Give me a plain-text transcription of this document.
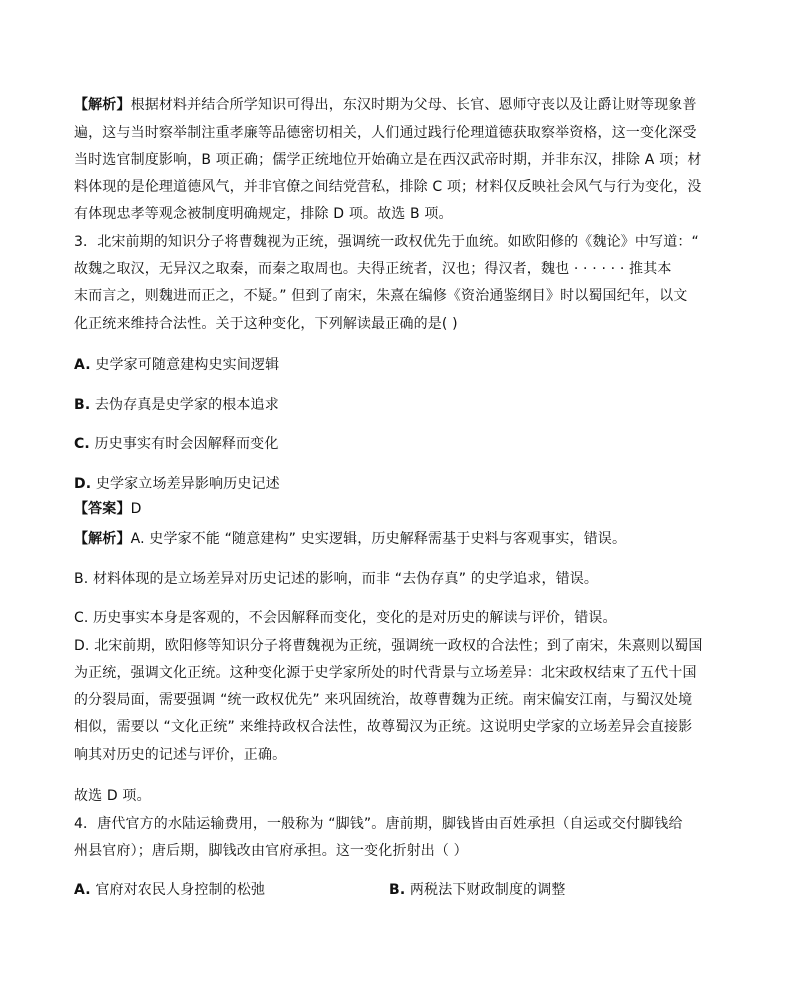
【解析】根据材料并结合所学知识可得出，东汉时期为父母、长官、恩师守丧以及让爵让财等现象普
遍，这与当时察举制注重孝廉等品德密切相关，人们通过践行伦理道德获取察举资格，这一变化深受
当时选官制度影响，B 项正确；儒学正统地位开始确立是在西汉武帝时期，并非东汉，排除 A 项；材
料体现的是伦理道德风气，并非官僚之间结党营私，排除 C 项；材料仅反映社会风气与行为变化，没
有体现忠孝等观念被制度明确规定，排除 D 项。故选 B 项。
3．北宋前期的知识分子将曹魏视为正统，强调统一政权优先于血统。如欧阳修的《魏论》中写道：“
故魏之取汉，无异汉之取秦，而秦之取周也。夫得正统者，汉也；得汉者，魏也 · · · · · · 推其本
末而言之，则魏进而正之，不疑。” 但到了南宋，朱熹在编修《资治通鉴纲目》时以蜀国纪年，以文
化正统来维持合法性。关于这种变化，下列解读最正确的是( )
A. 史学家可随意建构史实间逻辑
B. 去伪存真是史学家的根本追求
C. 历史事实有时会因解释而变化
D. 史学家立场差异影响历史记述
【答案】D
【解析】A. 史学家不能 “随意建构” 史实逻辑，历史解释需基于史料与客观事实，错误。
B. 材料体现的是立场差异对历史记述的影响，而非 “去伪存真” 的史学追求，错误。
C. 历史事实本身是客观的，不会因解释而变化，变化的是对历史的解读与评价，错误。
D. 北宋前期，欧阳修等知识分子将曹魏视为正统，强调统一政权的合法性；到了南宋，朱熹则以蜀国
为正统，强调文化正统。这种变化源于史学家所处的时代背景与立场差异：北宋政权结束了五代十国
的分裂局面，需要强调 “统一政权优先” 来巩固统治，故尊曹魏为正统。南宋偏安江南，与蜀汉处境
相似，需要以 “文化正统” 来维持政权合法性，故尊蜀汉为正统。这说明史学家的立场差异会直接影
响其对历史的记述与评价，正确。
故选 D 项。
4．唐代官方的水陆运输费用，一般称为 “脚钱”。唐前期，脚钱皆由百姓承担（自运或交付脚钱给
州县官府）；唐后期，脚钱改由官府承担。这一变化折射出（ ）
A. 官府对农民人身控制的松弛	B. 两税法下财政制度的调整
